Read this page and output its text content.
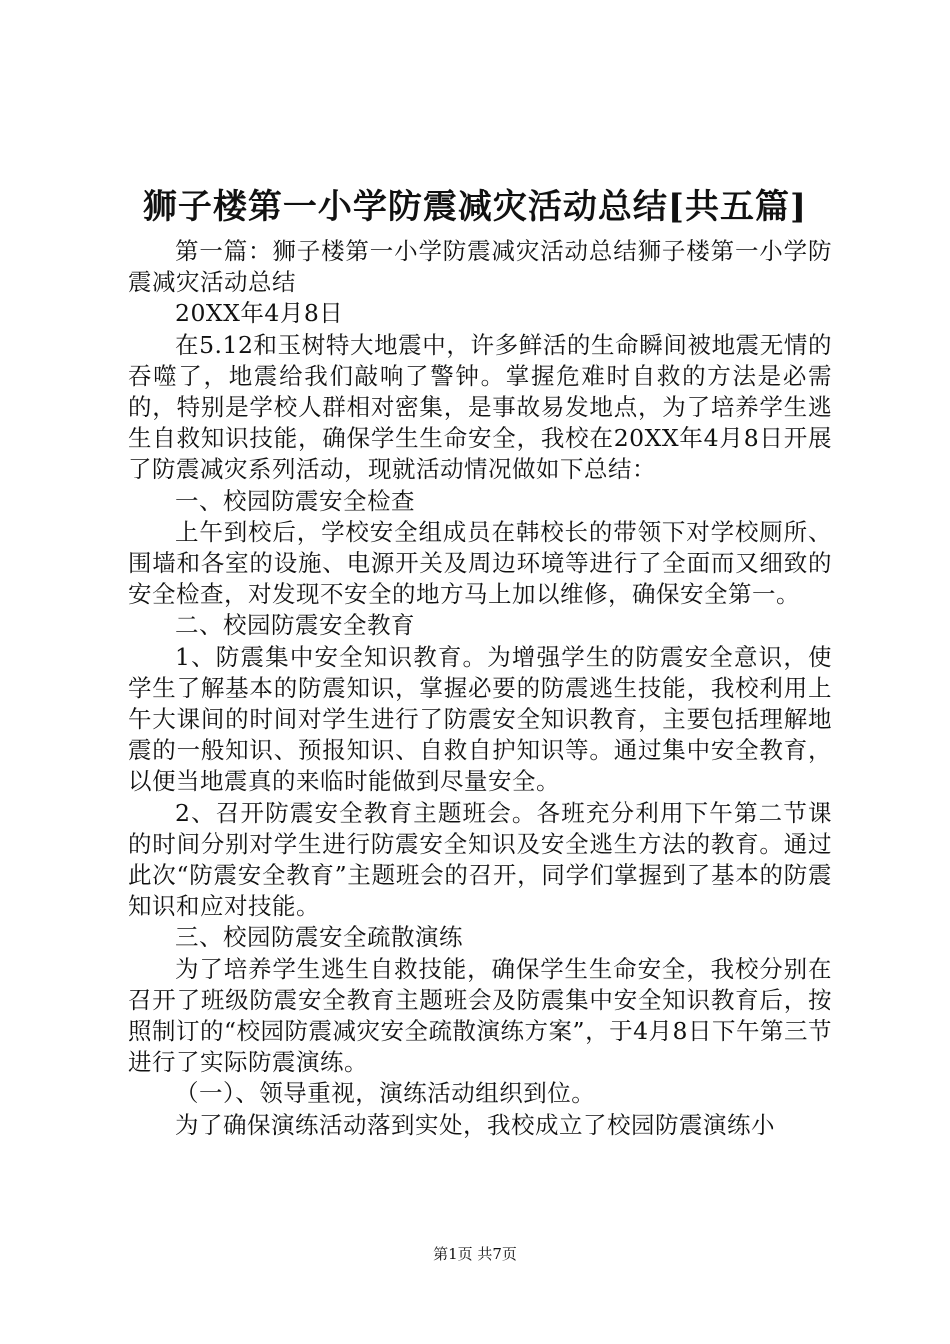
狮子楼第一小学防震减灾活动总结[共五篇]

第一篇：狮子楼第一小学防震减灾活动总结狮子楼第一小学防震减灾活动总结

20XX年4月8日

在5.12和玉树特大地震中，许多鲜活的生命瞬间被地震无情的吞噬了，地震给我们敲响了警钟。掌握危难时自救的方法是必需的，特别是学校人群相对密集，是事故易发地点，为了培养学生逃生自救知识技能，确保学生生命安全，我校在20XX年4月8日开展了防震减灾系列活动，现就活动情况做如下总结：

一、校园防震安全检查

上午到校后，学校安全组成员在韩校长的带领下对学校厕所、围墙和各室的设施、电源开关及周边环境等进行了全面而又细致的安全检查，对发现不安全的地方马上加以维修，确保安全第一。

二、校园防震安全教育

1、防震集中安全知识教育。为增强学生的防震安全意识，使学生了解基本的防震知识，掌握必要的防震逃生技能，我校利用上午大课间的时间对学生进行了防震安全知识教育，主要包括理解地震的一般知识、预报知识、自救自护知识等。通过集中安全教育，以便当地震真的来临时能做到尽量安全。

2、召开防震安全教育主题班会。各班充分利用下午第二节课的时间分别对学生进行防震安全知识及安全逃生方法的教育。通过此次“防震安全教育”主题班会的召开，同学们掌握到了基本的防震知识和应对技能。

三、校园防震安全疏散演练

为了培养学生逃生自救技能，确保学生生命安全，我校分别在召开了班级防震安全教育主题班会及防震集中安全知识教育后，按照制订的“校园防震减灾安全疏散演练方案”，于4月8日下午第三节进行了实际防震演练。

（一）、领导重视，演练活动组织到位。

为了确保演练活动落到实处，我校成立了校园防震演练小

第1页 共7页
